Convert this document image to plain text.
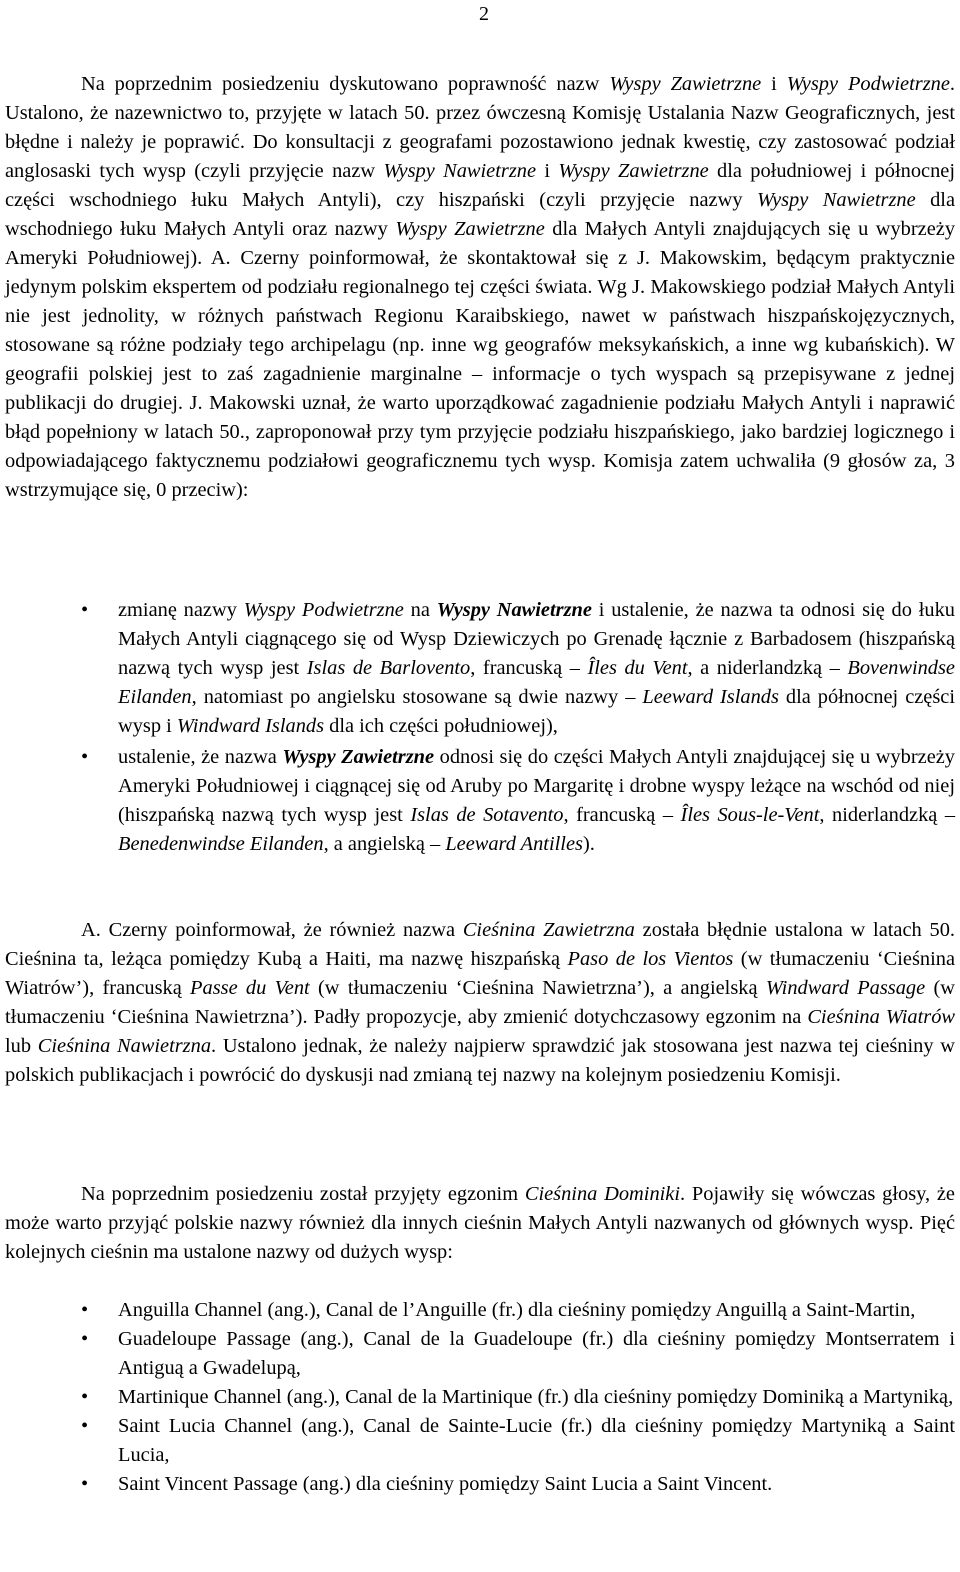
2

Na poprzednim posiedzeniu dyskutowano poprawność nazw Wyspy Zawietrzne i Wyspy Podwietrzne. Ustalono, że nazewnictwo to, przyjęte w latach 50. przez ówczesną Komisję Ustalania Nazw Geograficznych, jest błędne i należy je poprawić. Do konsultacji z geografami pozostawiono jednak kwestię, czy zastosować podział anglosaski tych wysp (czyli przyjęcie nazw Wyspy Nawietrzne i Wyspy Zawietrzne dla południowej i północnej części wschodniego łuku Małych Antyli), czy hiszpański (czyli przyjęcie nazwy Wyspy Nawietrzne dla wschodniego łuku Małych Antyli oraz nazwy Wyspy Zawietrzne dla Małych Antyli znajdujących się u wybrzeży Ameryki Południowej). A. Czerny poinformował, że skontaktował się z J. Makowskim, będącym praktycznie jedynym polskim ekspertem od podziału regionalnego tej części świata. Wg J. Makowskiego podział Małych Antyli nie jest jednolity, w różnych państwach Regionu Karaibskiego, nawet w państwach hiszpańskojęzycznych, stosowane są różne podziały tego archipelagu (np. inne wg geografów meksykańskich, a inne wg kubańskich). W geografii polskiej jest to zaś zagadnienie marginalne – informacje o tych wyspach są przepisywane z jednej publikacji do drugiej. J. Makowski uznał, że warto uporządkować zagadnienie podziału Małych Antyli i naprawić błąd popełniony w latach 50., zaproponował przy tym przyjęcie podziału hiszpańskiego, jako bardziej logicznego i odpowiadającego faktycznemu podziałowi geograficznemu tych wysp. Komisja zatem uchwaliła (9 głosów za, 3 wstrzymujące się, 0 przeciw):

• zmianę nazwy Wyspy Podwietrzne na Wyspy Nawietrzne i ustalenie, że nazwa ta odnosi się do łuku Małych Antyli ciągnącego się od Wysp Dziewiczych po Grenadę łącznie z Barbadosem (hiszpańską nazwą tych wysp jest Islas de Barlovento, francuską – Îles du Vent, a niderlandzką – Bovenwindse Eilanden, natomiast po angielsku stosowane są dwie nazwy – Leeward Islands dla północnej części wysp i Windward Islands dla ich części południowej),
• ustalenie, że nazwa Wyspy Zawietrzne odnosi się do części Małych Antyli znajdującej się u wybrzeży Ameryki Południowej i ciągnącej się od Aruby po Margaritę i drobne wyspy leżące na wschód od niej (hiszpańską nazwą tych wysp jest Islas de Sotavento, francuską – Îles Sous-le-Vent, niderlandzką – Benedenwindse Eilanden, a angielską – Leeward Antilles).

A. Czerny poinformował, że również nazwa Cieśnina Zawietrzna została błędnie ustalona w latach 50. Cieśnina ta, leżąca pomiędzy Kubą a Haiti, ma nazwę hiszpańską Paso de los Vientos (w tłumaczeniu ‘Cieśnina Wiatrów’), francuską Passe du Vent (w tłumaczeniu ‘Cieśnina Nawietrzna’), a angielską Windward Passage (w tłumaczeniu ‘Cieśnina Nawietrzna’). Padły propozycje, aby zmienić dotychczasowy egzonim na Cieśnina Wiatrów lub Cieśnina Nawietrzna. Ustalono jednak, że należy najpierw sprawdzić jak stosowana jest nazwa tej cieśniny w polskich publikacjach i powrócić do dyskusji nad zmianą tej nazwy na kolejnym posiedzeniu Komisji.

Na poprzednim posiedzeniu został przyjęty egzonim Cieśnina Dominiki. Pojawiły się wówczas głosy, że może warto przyjąć polskie nazwy również dla innych cieśnin Małych Antyli nazwanych od głównych wysp. Pięć kolejnych cieśnin ma ustalone nazwy od dużych wysp:

• Anguilla Channel (ang.), Canal de l’Anguille (fr.) dla cieśniny pomiędzy Anguillą a Saint-Martin,
• Guadeloupe Passage (ang.), Canal de la Guadeloupe (fr.) dla cieśniny pomiędzy Montserratem i Antiguą a Gwadelupą,
• Martinique Channel (ang.), Canal de la Martinique (fr.) dla cieśniny pomiędzy Dominiką a Martyniką,
• Saint Lucia Channel (ang.), Canal de Sainte-Lucie (fr.) dla cieśniny pomiędzy Martyniką a Saint Lucia,
• Saint Vincent Passage (ang.) dla cieśniny pomiędzy Saint Lucia a Saint Vincent.
